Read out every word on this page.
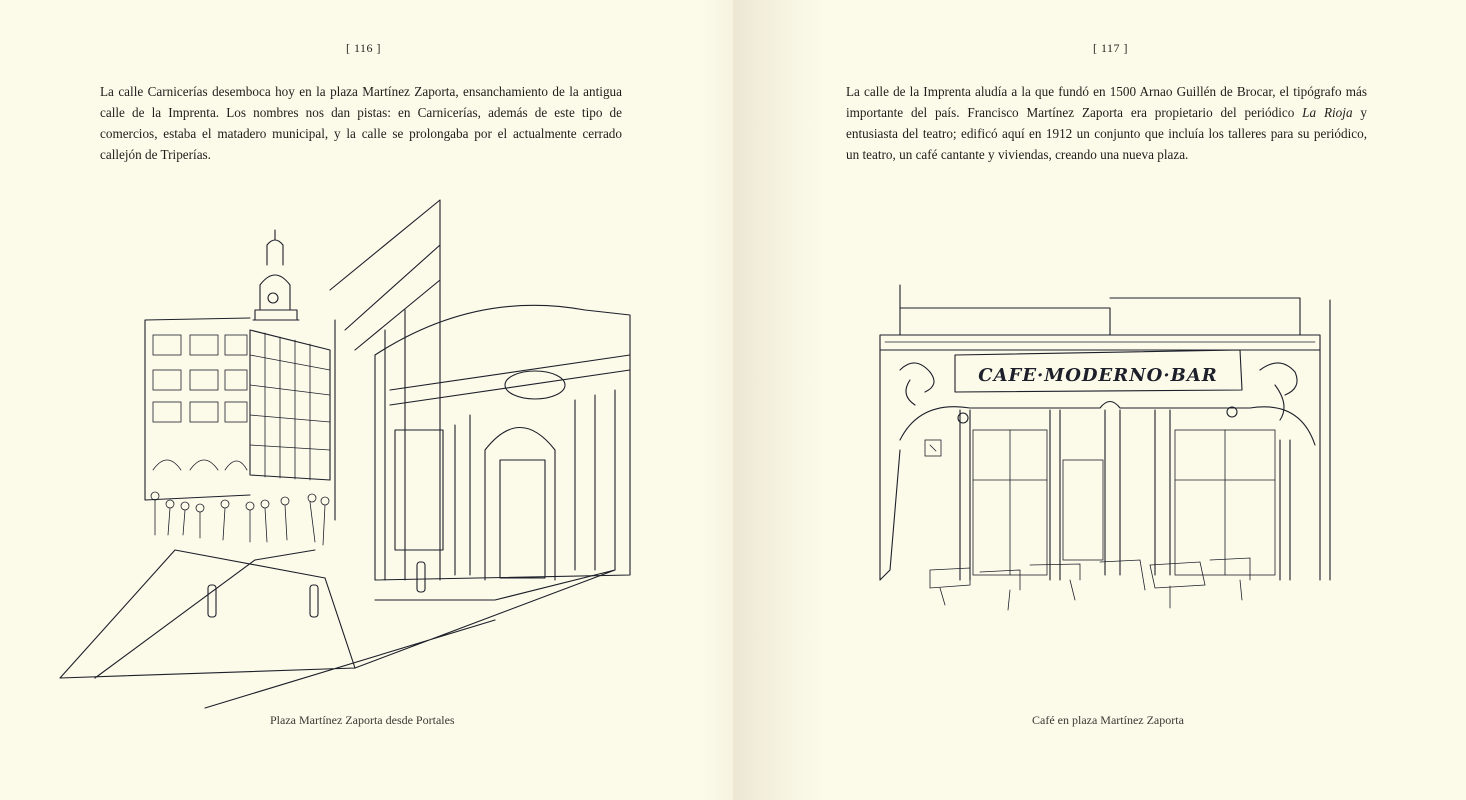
[ 116 ]	[ 117 ]

La calle Carnicerías desemboca hoy en la plaza Martínez Zaporta, ensanchamiento de la antigua calle de la Imprenta. Los nombres nos dan pistas: en Carnicerías, además de este tipo de comercios, estaba el matadero municipal, y la calle se prolongaba por el actualmente cerrado callejón de Triperías.

La calle de la Imprenta aludía a la que fundó en 1500 Arnao Guillén de Brocar, el tipógrafo más importante del país. Francisco Martínez Zaporta era propietario del periódico La Rioja y entusiasta del teatro; edificó aquí en 1912 un conjunto que incluía los talleres para su periódico, un teatro, un café cantante y viviendas, creando una nueva plaza.

CAFE·MODERNO·BAR
Plaza Martínez Zaporta desde Portales	Café en plaza Martínez Zaporta
